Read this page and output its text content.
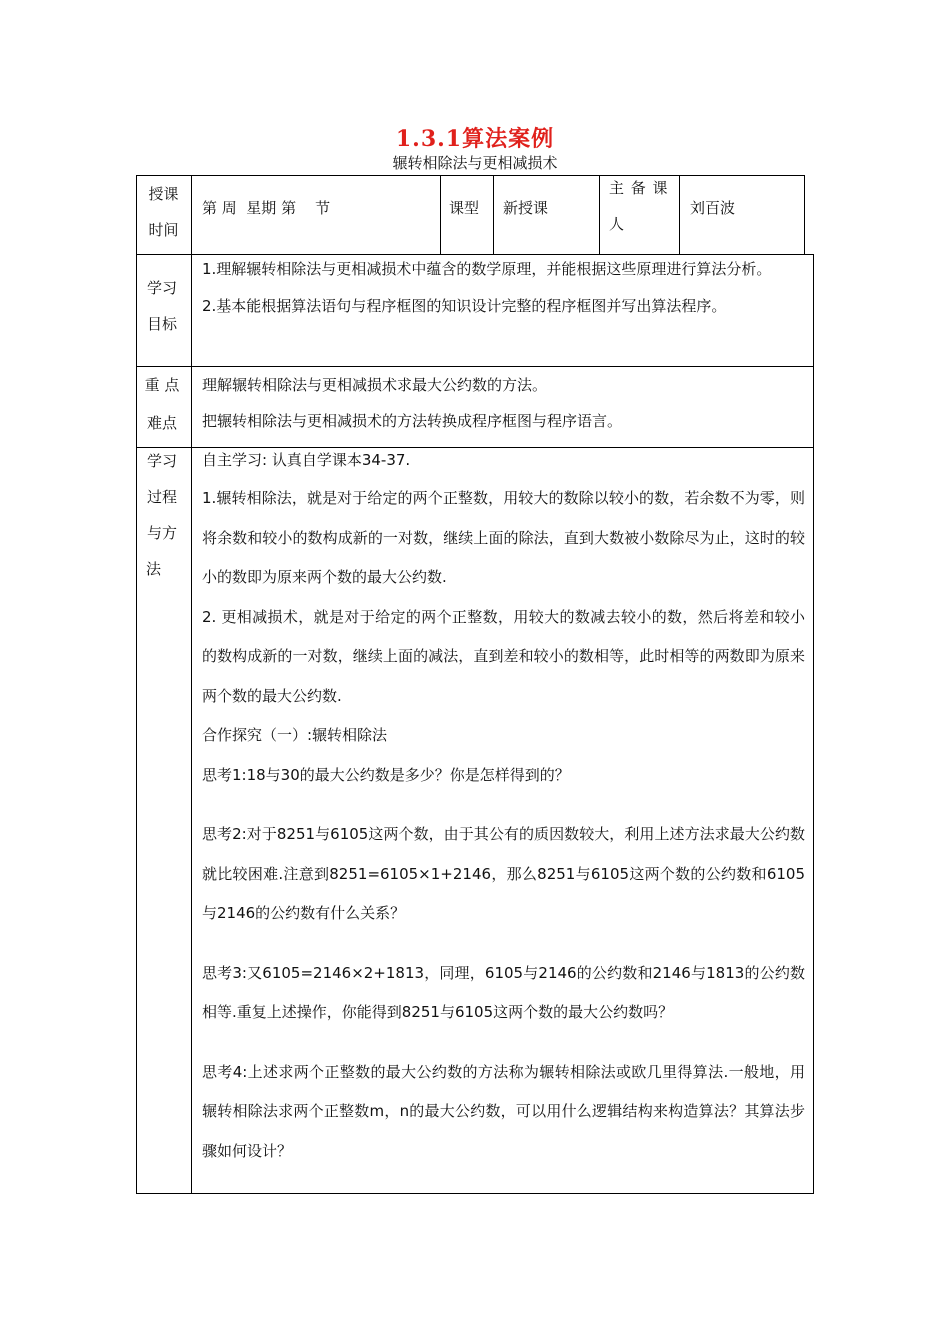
1.3.1算法案例
辗转相除法与更相减损术
授课
时间
第 周  星期 第    节	课型 新授课
主 备 课
人
刘百波
学习
目标

1.理解辗转相除法与更相减损术中蕴含的数学原理，并能根据这些原理进行算法分析。

2.基本能根据算法语句与程序框图的知识设计完整的程序框图并写出算法程序。

重 点
难点

理解辗转相除法与更相减损术求最大公约数的方法。

把辗转相除法与更相减损术的方法转换成程序框图与程序语言。

学习
过程
与方
法

自主学习: 认真自学课本34-37.

1.辗转相除法，就是对于给定的两个正整数，用较大的数除以较小的数，若余数不为零，则将余数和较小的数构成新的一对数，继续上面的除法，直到大数被小数除尽为止，这时的较小的数即为原来两个数的最大公约数.

2. 更相减损术，就是对于给定的两个正整数，用较大的数减去较小的数，然后将差和较小的数构成新的一对数，继续上面的减法，直到差和较小的数相等，此时相等的两数即为原来两个数的最大公约数.

合作探究（一）:辗转相除法

思考1:18与30的最大公约数是多少？你是怎样得到的？

思考2:对于8251与6105这两个数，由于其公有的质因数较大，利用上述方法求最大公约数就比较困难.注意到8251=6105×1+2146，那么8251与6105这两个数的公约数和6105与2146的公约数有什么关系？

思考3:又6105=2146×2+1813，同理，6105与2146的公约数和2146与1813的公约数相等.重复上述操作，你能得到8251与6105这两个数的最大公约数吗？

思考4:上述求两个正整数的最大公约数的方法称为辗转相除法或欧几里得算法.一般地，用辗转相除法求两个正整数m，n的最大公约数，可以用什么逻辑结构来构造算法？其算法步骤如何设计？
